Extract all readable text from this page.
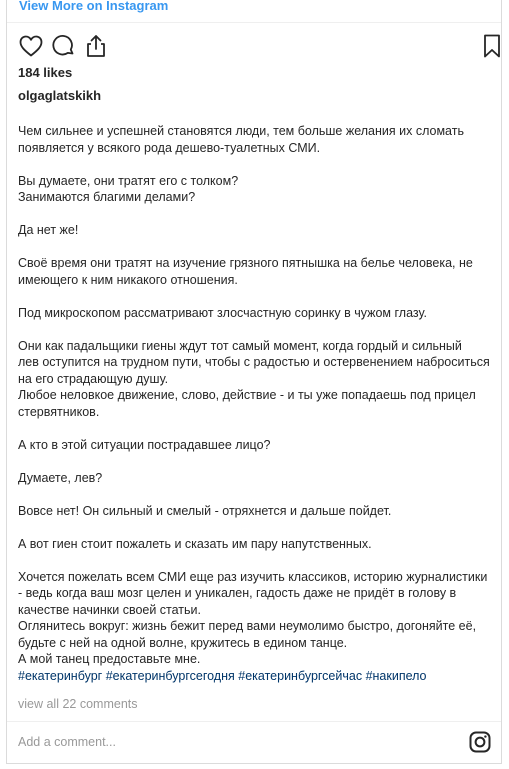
View More on Instagram
184 likes
olgaglatskikh

Чем сильнее и успешней становятся люди, тем больше желания их сломать
появляется у всякого рода дешево-туалетных СМИ.

Вы думаете, они тратят его с толком?
Занимаются благими делами?

Да нет же!

Своё время они тратят на изучение грязного пятнышка на белье человека, не
имеющего к ним никакого отношения.

Под микроскопом рассматривают злосчастную соринку в чужом глазу.

Они как падальщики гиены ждут тот самый момент, когда гордый и сильный
лев оступится на трудном пути, чтобы с радостью и остервенением наброситься
на его страдающую душу.
Любое неловкое движение, слово, действие - и ты уже попадаешь под прицел
стервятников.

А кто в этой ситуации пострадавшее лицо?

Думаете, лев?

Вовсе нет! Он сильный и смелый - отряхнется и дальше пойдет.

А вот гиен стоит пожалеть и сказать им пару напутственных.

Хочется пожелать всем СМИ еще раз изучить классиков, историю журналистики
- ведь когда ваш мозг целен и уникален, гадость даже не придёт в голову в
качестве начинки своей статьи.
Оглянитесь вокруг: жизнь бежит перед вами неумолимо быстро, догоняйте её,
будьте с ней на одной волне, кружитесь в едином танце.
А мой танец предоставьте мне.

#екатеринбург #екатеринбургсегодня #екатеринбургсейчас #накипело
view all 22 comments
Add a comment...
